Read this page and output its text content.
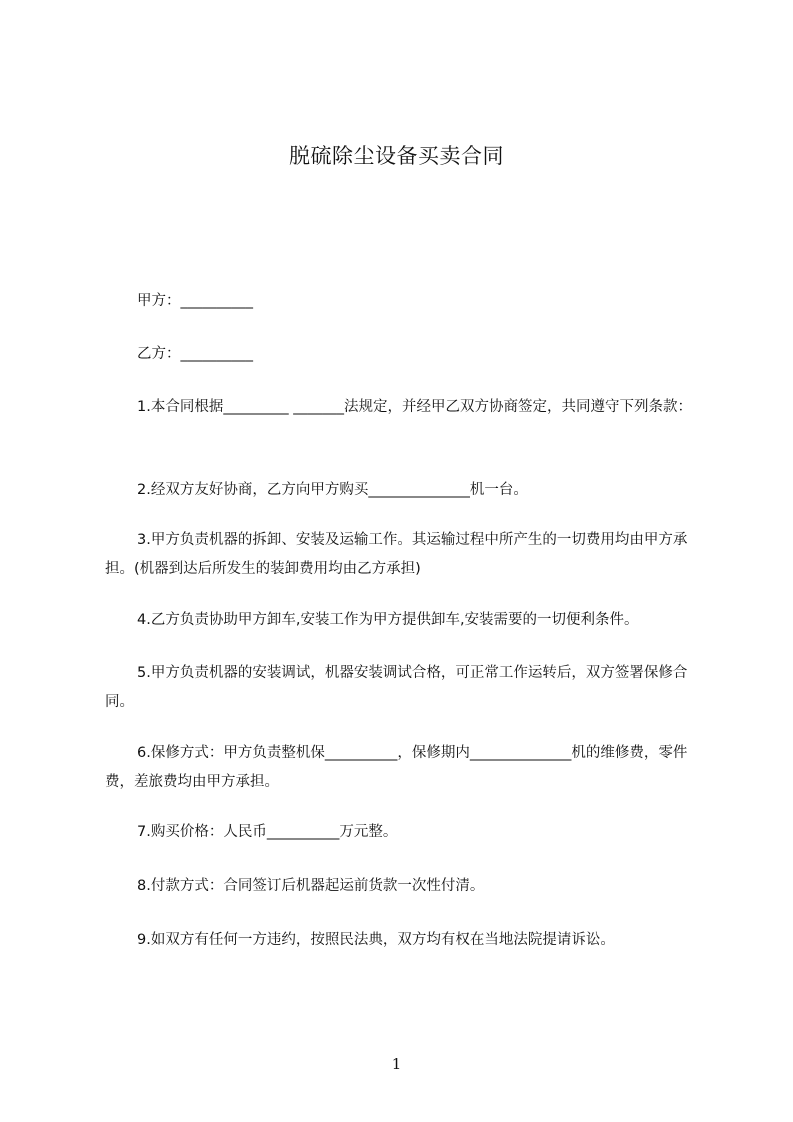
脱硫除尘设备买卖合同
甲方：__________
乙方：__________
1.本合同根据_________ _______法规定，并经甲乙双方协商签定，共同遵守下列条款：
2.经双方友好协商，乙方向甲方购买______________机一台。
3.甲方负责机器的拆卸、安装及运输工作。其运输过程中所产生的一切费用均由甲方承担。(机器到达后所发生的装卸费用均由乙方承担)
4.乙方负责协助甲方卸车,安装工作为甲方提供卸车,安装需要的一切便利条件。
5.甲方负责机器的安装调试，机器安装调试合格，可正常工作运转后，双方签署保修合同。
6.保修方式：甲方负责整机保__________，保修期内______________机的维修费，零件费，差旅费均由甲方承担。
7.购买价格：人民币__________万元整。
8.付款方式：合同签订后机器起运前货款一次性付清。
9.如双方有任何一方违约，按照民法典，双方均有权在当地法院提请诉讼。
1
